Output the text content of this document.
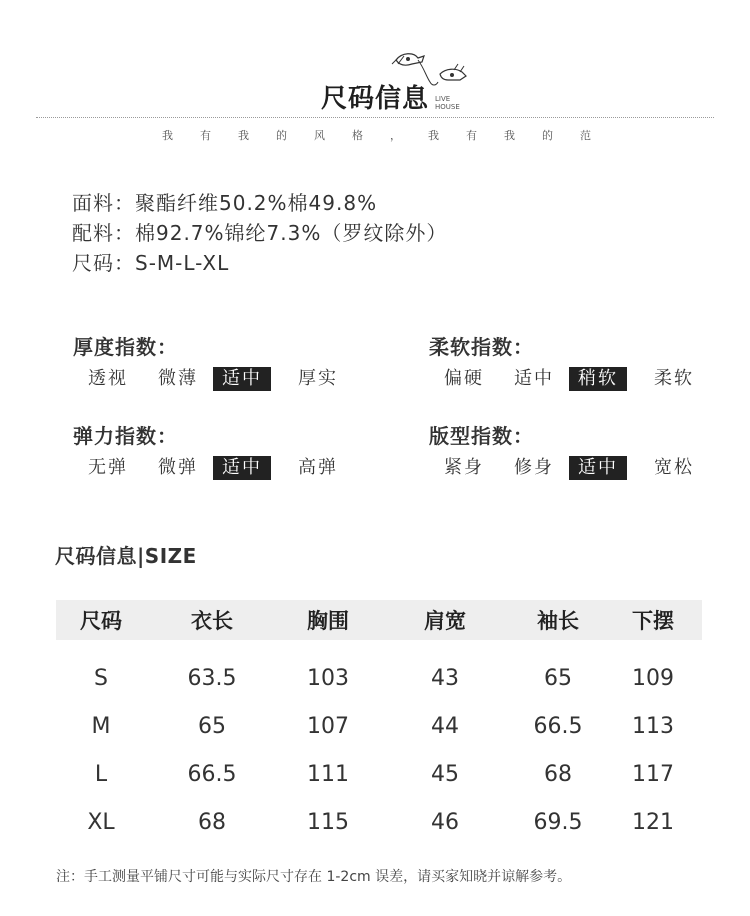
尺码信息 LIVE
HOUSE
我有我的风格，我有我的范
面料：聚酯纤维50.2%棉49.8%
配料：棉92.7%锦纶7.3%（罗纹除外）
尺码：S-M-L-XL
厚度指数：
透视	微薄	适中	厚实
柔软指数：
偏硬	适中	稍软	柔软
弹力指数：
无弹	微弹	适中	高弹
版型指数：
紧身	修身	适中	宽松
尺码信息|SIZE
尺码	衣长	胸围	肩宽	袖长	下摆
S	63.5	103	43	65	109
M	65	107	44	66.5	113
L	66.5	111	45	68	117
XL	68	115	46	69.5	121
注：手工测量平铺尺寸可能与实际尺寸存在 1-2cm 误差，请买家知晓并谅解参考。
